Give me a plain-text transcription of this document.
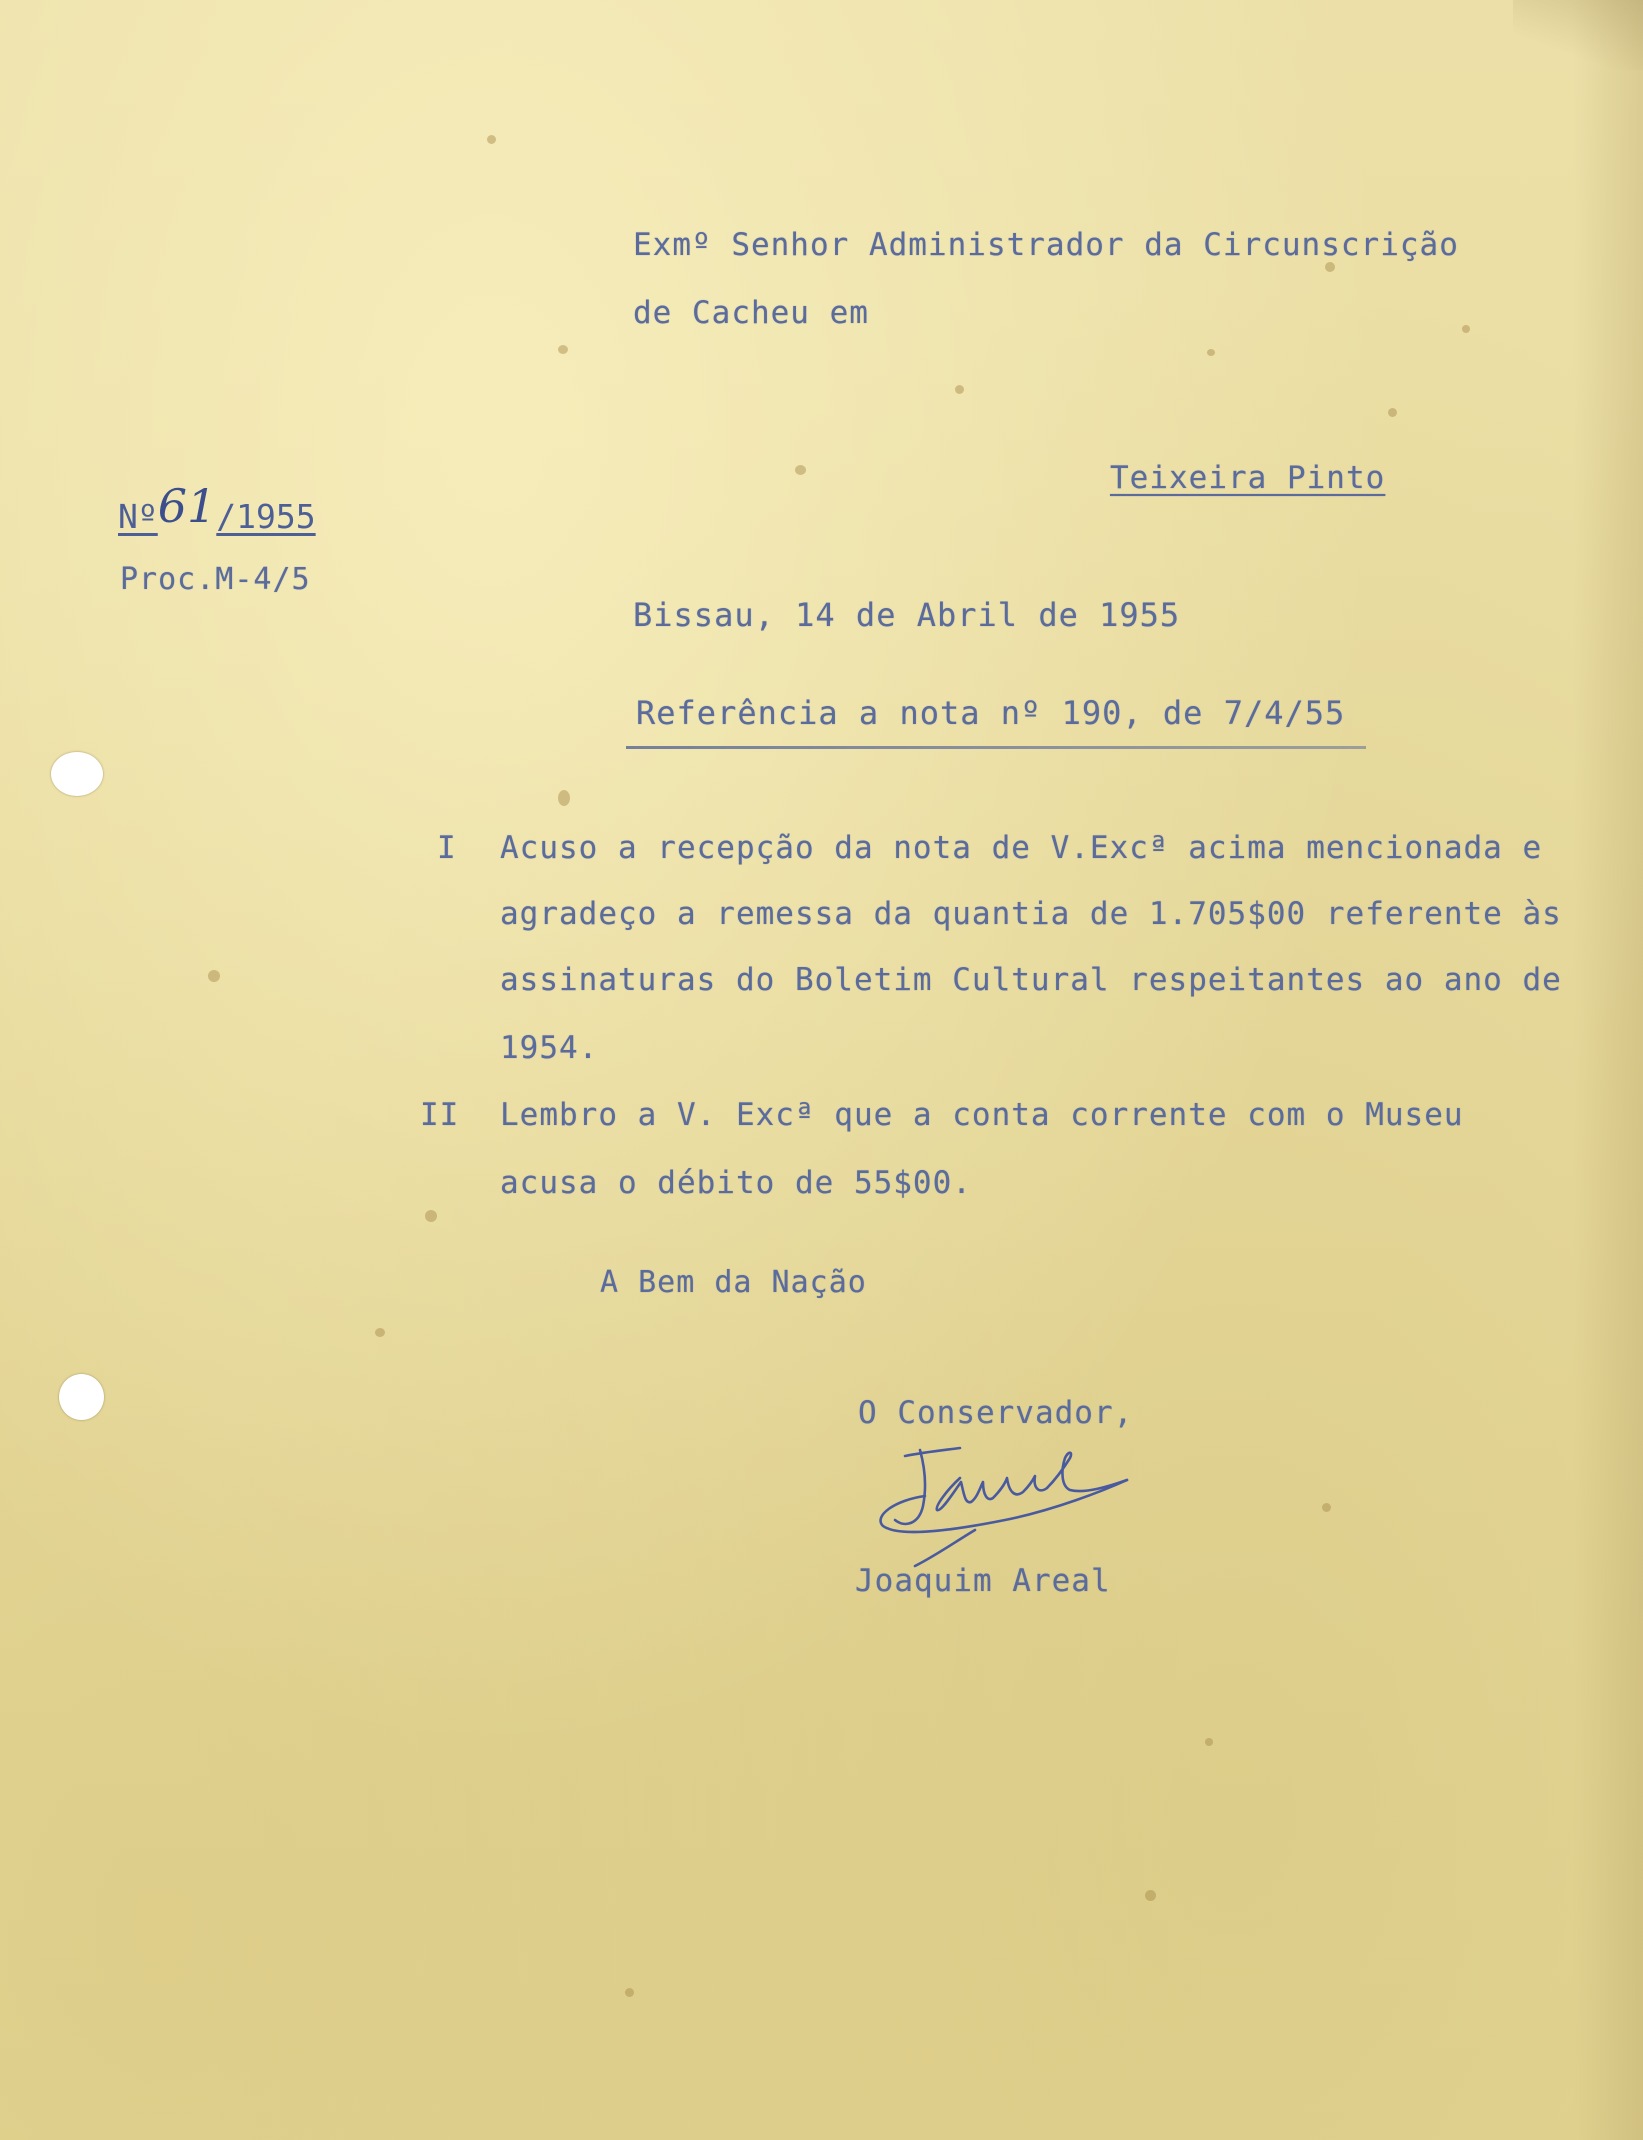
Nº61/1955
Proc.M-4/5
Exmº Senhor Administrador da Circunscrição
de Cacheu em
Teixeira Pinto
Bissau, 14 de Abril de 1955
Referência a nota nº 190, de 7/4/55
I Acuso a recepção da nota de V.Excª acima mencionada e
agradeço a remessa da quantia de 1.705$00 referente às
assinaturas do Boletim Cultural respeitantes ao ano de
1954.
II Lembro a V. Excª que a conta corrente com o Museu
acusa o débito de 55$00.
A Bem da Nação
O Conservador,
Joaquim Areal
